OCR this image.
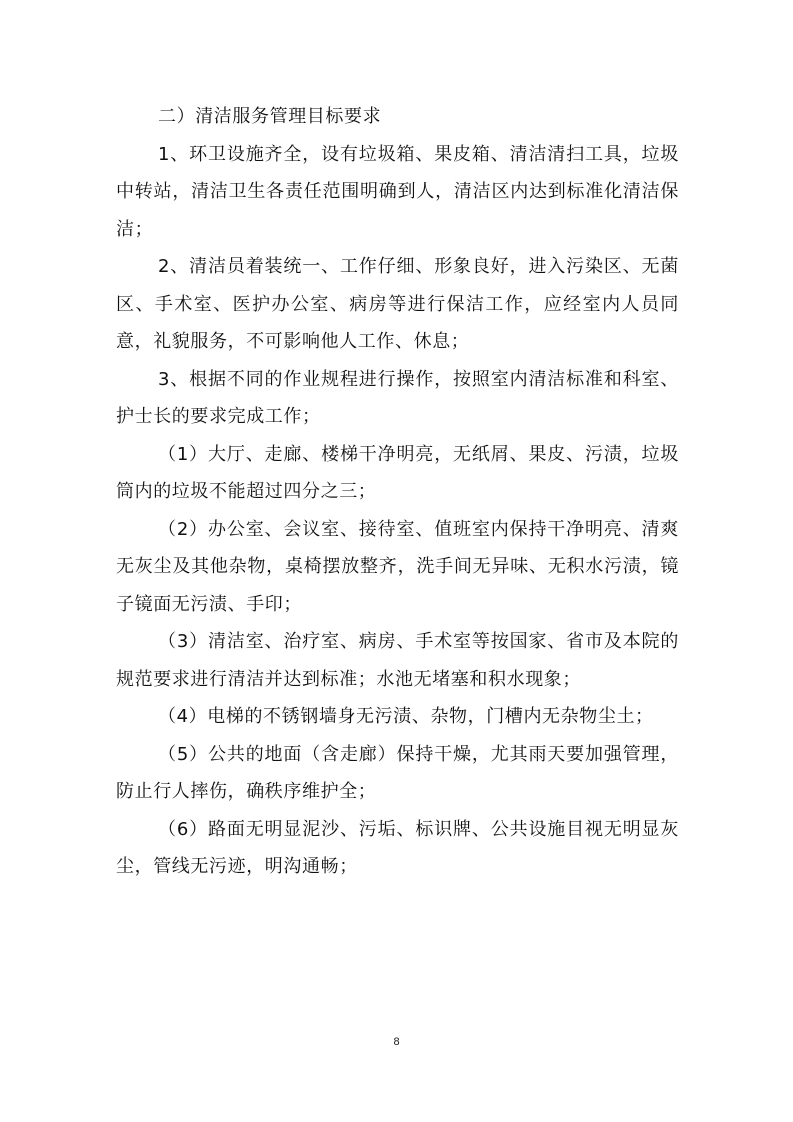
二）清洁服务管理目标要求

1、环卫设施齐全，设有垃圾箱、果皮箱、清洁清扫工具，垃圾中转站，清洁卫生各责任范围明确到人，清洁区内达到标准化清洁保洁；

2、清洁员着装统一、工作仔细、形象良好，进入污染区、无菌区、手术室、医护办公室、病房等进行保洁工作，应经室内人员同意，礼貌服务，不可影响他人工作、休息；

3、根据不同的作业规程进行操作，按照室内清洁标准和科室、护士长的要求完成工作；

（1）大厅、走廊、楼梯干净明亮，无纸屑、果皮、污渍，垃圾筒内的垃圾不能超过四分之三；

（2）办公室、会议室、接待室、值班室内保持干净明亮、清爽无灰尘及其他杂物，桌椅摆放整齐，洗手间无异味、无积水污渍，镜子镜面无污渍、手印；

（3）清洁室、治疗室、病房、手术室等按国家、省市及本院的规范要求进行清洁并达到标准；水池无堵塞和积水现象；

（4）电梯的不锈钢墙身无污渍、杂物，门槽内无杂物尘土；

（5）公共的地面（含走廊）保持干燥，尤其雨天要加强管理，防止行人摔伤，确秩序维护全；

（6）路面无明显泥沙、污垢、标识牌、公共设施目视无明显灰尘，管线无污迹，明沟通畅；

8
